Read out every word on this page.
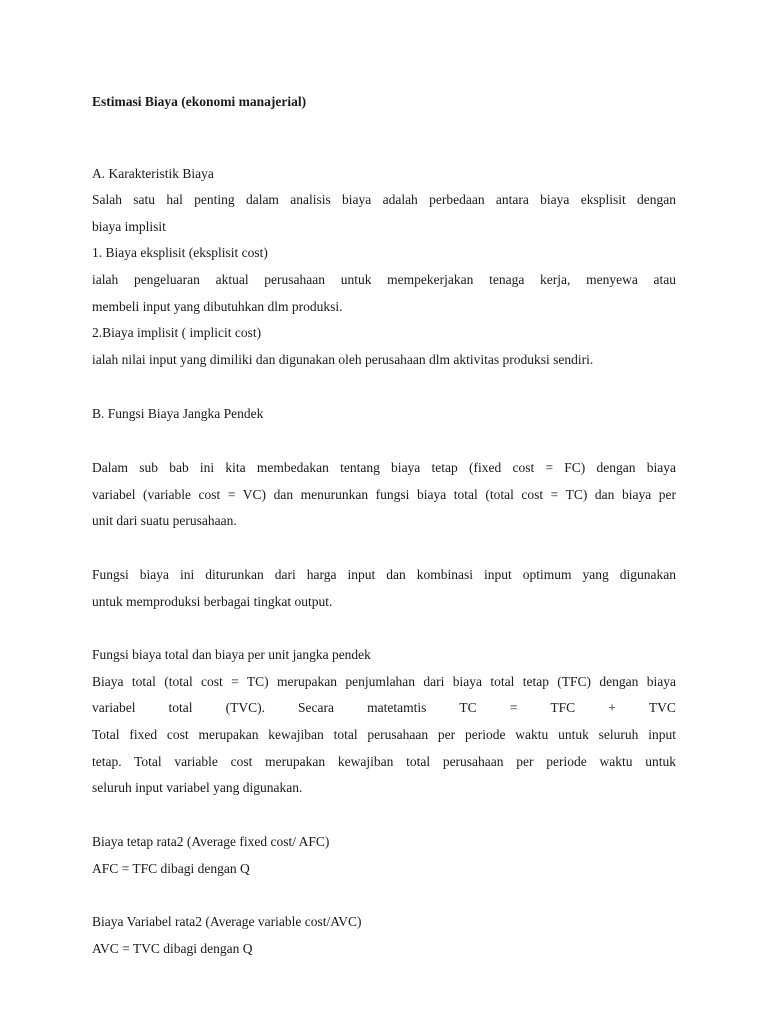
Estimasi Biaya (ekonomi manajerial)
A. Karakteristik Biaya
Salah satu hal penting dalam analisis biaya adalah perbedaan antara biaya eksplisit dengan
biaya implisit
1. Biaya eksplisit (eksplisit cost)
ialah pengeluaran aktual perusahaan untuk mempekerjakan tenaga kerja, menyewa atau
membeli input yang dibutuhkan dlm produksi.
2.Biaya implisit ( implicit cost)
ialah nilai input yang dimiliki dan digunakan oleh perusahaan dlm aktivitas produksi sendiri.
B. Fungsi Biaya Jangka Pendek
Dalam sub bab ini kita membedakan tentang biaya tetap (fixed cost = FC) dengan biaya
variabel (variable cost = VC) dan menurunkan fungsi biaya total (total cost = TC) dan biaya per
unit dari suatu perusahaan.
Fungsi biaya ini diturunkan dari harga input dan kombinasi input optimum yang digunakan
untuk memproduksi berbagai tingkat output.
Fungsi biaya total dan biaya per unit jangka pendek
Biaya total (total cost = TC) merupakan penjumlahan dari biaya total tetap (TFC) dengan biaya
variabel total (TVC). Secara matetamtis TC = TFC + TVC
Total fixed cost merupakan kewajiban total perusahaan per periode waktu untuk seluruh input
tetap. Total variable cost merupakan kewajiban total perusahaan per periode waktu untuk
seluruh input variabel yang digunakan.
Biaya tetap rata2 (Average fixed cost/ AFC)
AFC = TFC dibagi dengan Q
Biaya Variabel rata2 (Average variable cost/AVC)
AVC = TVC dibagi dengan Q
